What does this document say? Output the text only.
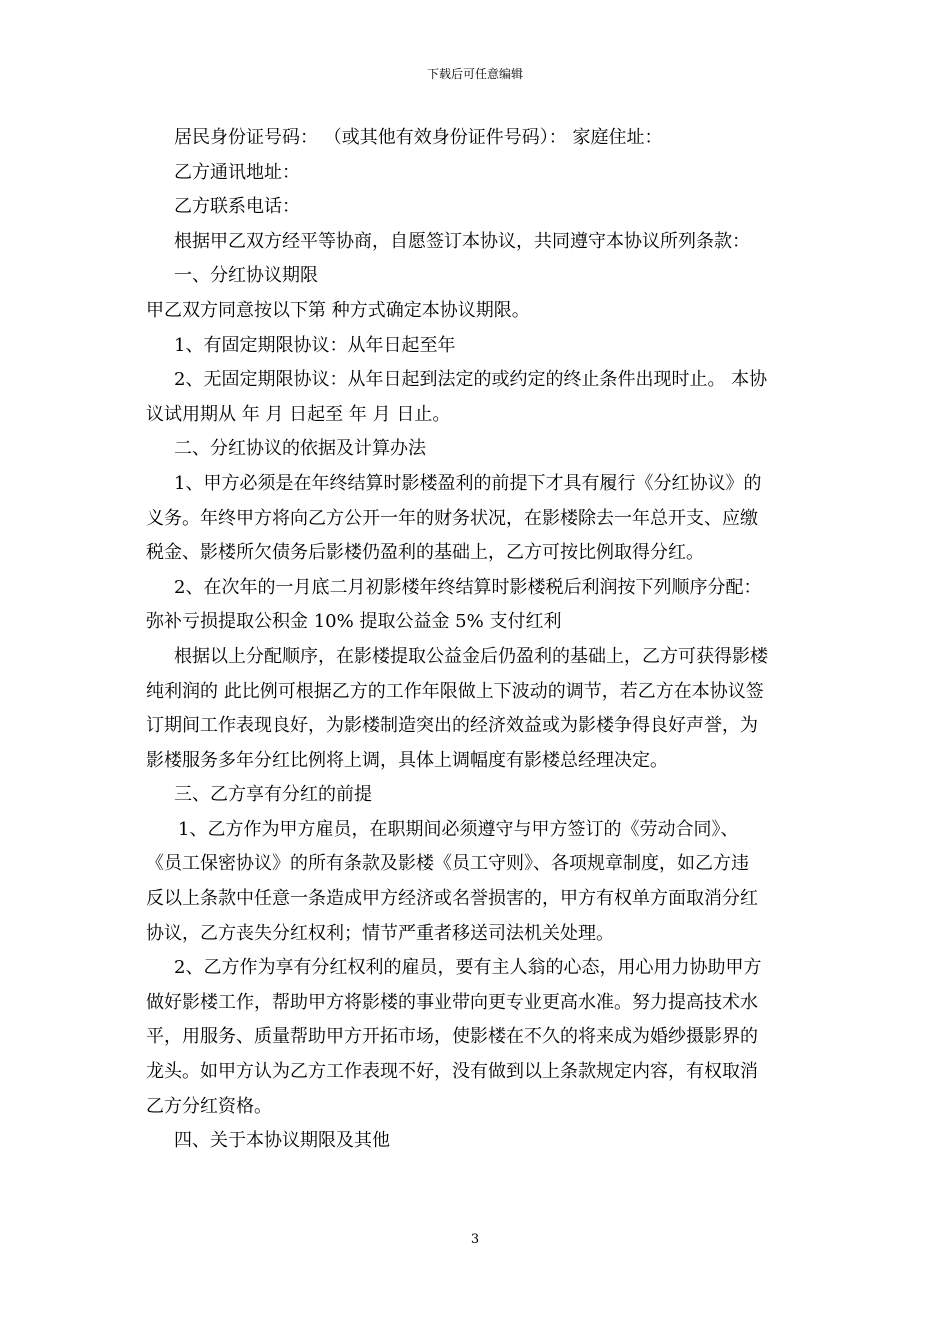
下载后可任意编辑

居民身份证号码： （或其他有效身份证件号码）： 家庭住址：

乙方通讯地址：

乙方联系电话：

根据甲乙双方经平等协商，自愿签订本协议，共同遵守本协议所列条款：

一、分红协议期限

甲乙双方同意按以下第 种方式确定本协议期限。

1、有固定期限协议：从年日起至年

2、无固定期限协议：从年日起到法定的或约定的终止条件出现时止。 本协

议试用期从 年 月 日起至 年 月 日止。

二、分红协议的依据及计算办法

1、甲方必须是在年终结算时影楼盈利的前提下才具有履行《分红协议》的

义务。年终甲方将向乙方公开一年的财务状况，在影楼除去一年总开支、应缴

税金、影楼所欠债务后影楼仍盈利的基础上，乙方可按比例取得分红。

2、在次年的一月底二月初影楼年终结算时影楼税后利润按下列顺序分配：

弥补亏损提取公积金 10% 提取公益金 5% 支付红利

根据以上分配顺序，在影楼提取公益金后仍盈利的基础上，乙方可获得影楼

纯利润的 此比例可根据乙方的工作年限做上下波动的调节，若乙方在本协议签

订期间工作表现良好，为影楼制造突出的经济效益或为影楼争得良好声誉，为

影楼服务多年分红比例将上调，具体上调幅度有影楼总经理决定。

三、乙方享有分红的前提

1、乙方作为甲方雇员，在职期间必须遵守与甲方签订的《劳动合同》、

《员工保密协议》的所有条款及影楼《员工守则》、各项规章制度，如乙方违

反以上条款中任意一条造成甲方经济或名誉损害的，甲方有权单方面取消分红

协议，乙方丧失分红权利；情节严重者移送司法机关处理。

2、乙方作为享有分红权利的雇员，要有主人翁的心态，用心用力协助甲方

做好影楼工作，帮助甲方将影楼的事业带向更专业更高水准。努力提高技术水

平，用服务、质量帮助甲方开拓市场，使影楼在不久的将来成为婚纱摄影界的

龙头。如甲方认为乙方工作表现不好，没有做到以上条款规定内容，有权取消

乙方分红资格。

四、关于本协议期限及其他

3
